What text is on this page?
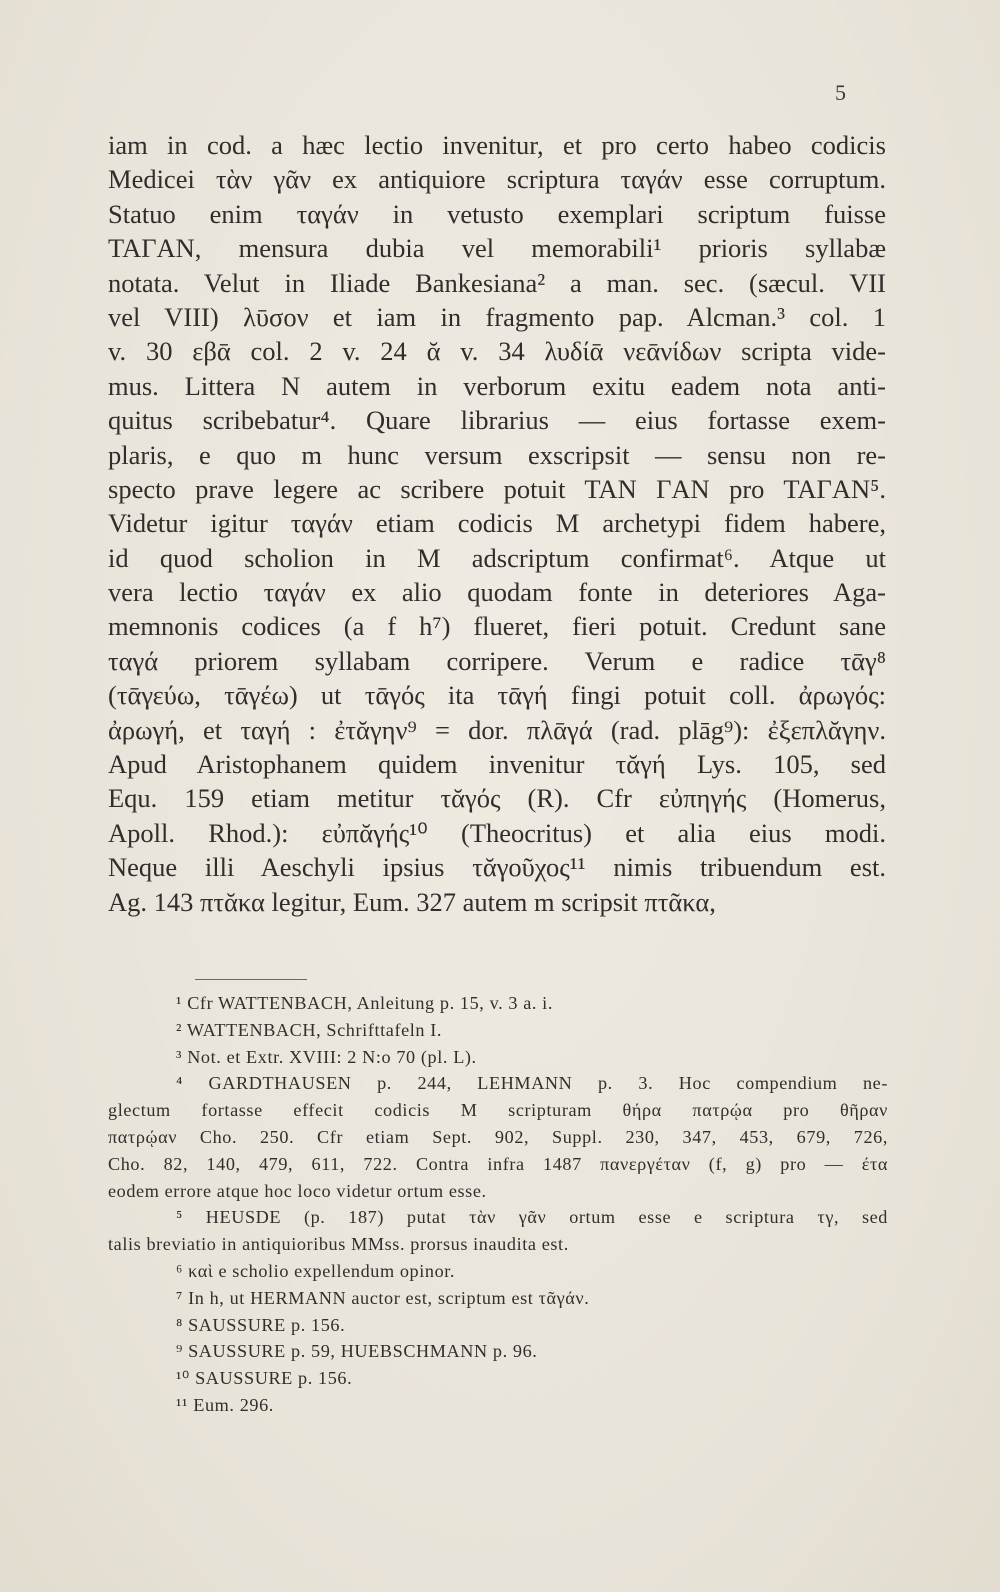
5
iam in cod. a hæc lectio invenitur, et pro certo habeo codicis
Medicei τὰν γᾶν ex antiquiore scriptura ταγάν esse corruptum.
Statuo enim ταγάν in vetusto exemplari scriptum fuisse
TAΓAN, mensura dubia vel memorabili¹ prioris syllabæ
notata. Velut in Iliade Bankesiana² a man. sec. (sæcul. VII
vel VIII) λῡσον et iam in fragmento pap. Alcman.³ col. 1
v. 30 εβᾱ col. 2 v. 24 ᾰ v. 34 λυδίᾱ νεᾱνίδων scripta vide-
mus. Littera N autem in verborum exitu eadem nota anti-
quitus scribebatur⁴. Quare librarius — eius fortasse exem-
plaris, e quo m hunc versum exscripsit — sensu non re-
specto prave legere ac scribere potuit TAN ΓAN pro TAΓAN⁵.
Videtur igitur ταγάν etiam codicis M archetypi fidem habere,
id quod scholion in M adscriptum confirmat⁶. Atque ut
vera lectio ταγάν ex alio quodam fonte in deteriores Aga-
memnonis codices (a f h⁷) flueret, fieri potuit. Credunt sane
ταγά priorem syllabam corripere. Verum e radice τᾱγ⁸
(τᾱγεύω, τᾱγέω) ut τᾱγός ita τᾱγή fingi potuit coll. ἀρωγός:
ἀρωγή, et ταγή : ἐτᾰγην⁹ = dor. πλᾱγά (rad. plāg⁹): ἐξεπλᾰγην.
Apud Aristophanem quidem invenitur τᾰγή Lys. 105, sed
Equ. 159 etiam metitur τᾰγός (R). Cfr εὐπηγής (Homerus,
Apoll. Rhod.): εὐπᾰγής¹⁰ (Theocritus) et alia eius modi.
Neque illi Aeschyli ipsius τᾰγοῦχος¹¹ nimis tribuendum est.
Ag. 143 πτᾰκα legitur, Eum. 327 autem m scripsit πτᾶκα,
¹ Cfr WATTENBACH, Anleitung p. 15, v. 3 a. i.
² WATTENBACH, Schrifttafeln I.
³ Not. et Extr. XVIII: 2 N:o 70 (pl. L).
⁴ GARDTHAUSEN p. 244, LEHMANN p. 3. Hoc compendium ne-
glectum fortasse effecit codicis M scripturam θήρα πατρῴα pro θῆραν
πατρῴαν Cho. 250. Cfr etiam Sept. 902, Suppl. 230, 347, 453, 679, 726,
Cho. 82, 140, 479, 611, 722. Contra infra 1487 πανεργέταν (f, g) pro — έτα
eodem errore atque hoc loco videtur ortum esse.
⁵ HEUSDE (p. 187) putat τὰν γᾶν ortum esse e scriptura τγ, sed
talis breviatio in antiquioribus MMss. prorsus inaudita est.
⁶ καὶ e scholio expellendum opinor.
⁷ In h, ut HERMANN auctor est, scriptum est τᾶγάν.
⁸ SAUSSURE p. 156.
⁹ SAUSSURE p. 59, HUEBSCHMANN p. 96.
¹⁰ SAUSSURE p. 156.
¹¹ Eum. 296.
